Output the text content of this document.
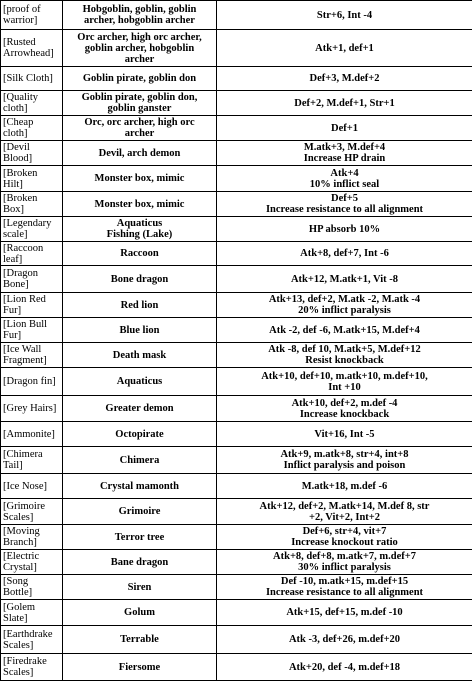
[proof of
warrior]	Hobgoblin, goblin, goblin
archer, hobgoblin archer	Str+6, Int -4

[Rusted
Arrowhead]	Orc archer, high orc archer,
goblin archer, hobgoblin
archer	Atk+1, def+1

[Silk Cloth]	Goblin pirate, goblin don	Def+3, M.def+2

[Quality
cloth]	Goblin pirate, goblin don,
goblin ganster	Def+2, M.def+1, Str+1

[Cheap
cloth]	Orc, orc archer, high orc
archer	Def+1

[Devil
Blood]	Devil, arch demon	M.atk+3, M.def+4
Increase HP drain

[Broken
Hilt]	Monster box, mimic	Atk+4
10% inflict seal

[Broken
Box]	Monster box, mimic	Def+5
Increase resistance to all alignment

[Legendary
scale]	Aquaticus
Fishing (Lake)	HP absorb 10%

[Raccoon
leaf]	Raccoon	Atk+8, def+7, Int -6

[Dragon
Bone]	Bone dragon	Atk+12, M.atk+1, Vit -8

[Lion Red
Fur]	Red lion	Atk+13, def+2, M.atk -2, M.atk -4
20% inflict paralysis

[Lion Bull
Fur]	Blue lion	Atk -2, def -6, M.atk+15, M.def+4

[Ice Wall
Fragment]	Death mask	Atk -8, def 10, M.atk+5, M.def+12
Resist knockback

[Dragon fin]	Aquaticus	Atk+10, def+10, m.atk+10, m.def+10,
Int +10

[Grey Hairs]	Greater demon	Atk+10, def+2, m.def -4
Increase knockback

[Ammonite]	Octopirate	Vit+16, Int -5

[Chimera
Tail]	Chimera	Atk+9, m.atk+8, str+4, int+8
Inflict paralysis and poison

[Ice Nose]	Crystal mamonth	M.atk+18, m.def -6

[Grimoire
Scales]	Grimoire	Atk+12, def+2, M.atk+14, M.def 8, str
+2, Vit+2, Int+2

[Moving
Branch]	Terror tree	Def+6, str+4, vit+7
Increase knockout ratio

[Electric
Crystal]	Bane dragon	Atk+8, def+8, m.atk+7, m.def+7
30% inflict paralysis

[Song
Bottle]	Siren	Def -10, m.atk+15, m.def+15
Increase resistance to all alignment

[Golem
Slate]	Golum	Atk+15, def+15, m.def -10

[Earthdrake
Scales]	Terrable	Atk -3, def+26, m.def+20

[Firedrake
Scales]	Fiersome	Atk+20, def -4, m.def+18
